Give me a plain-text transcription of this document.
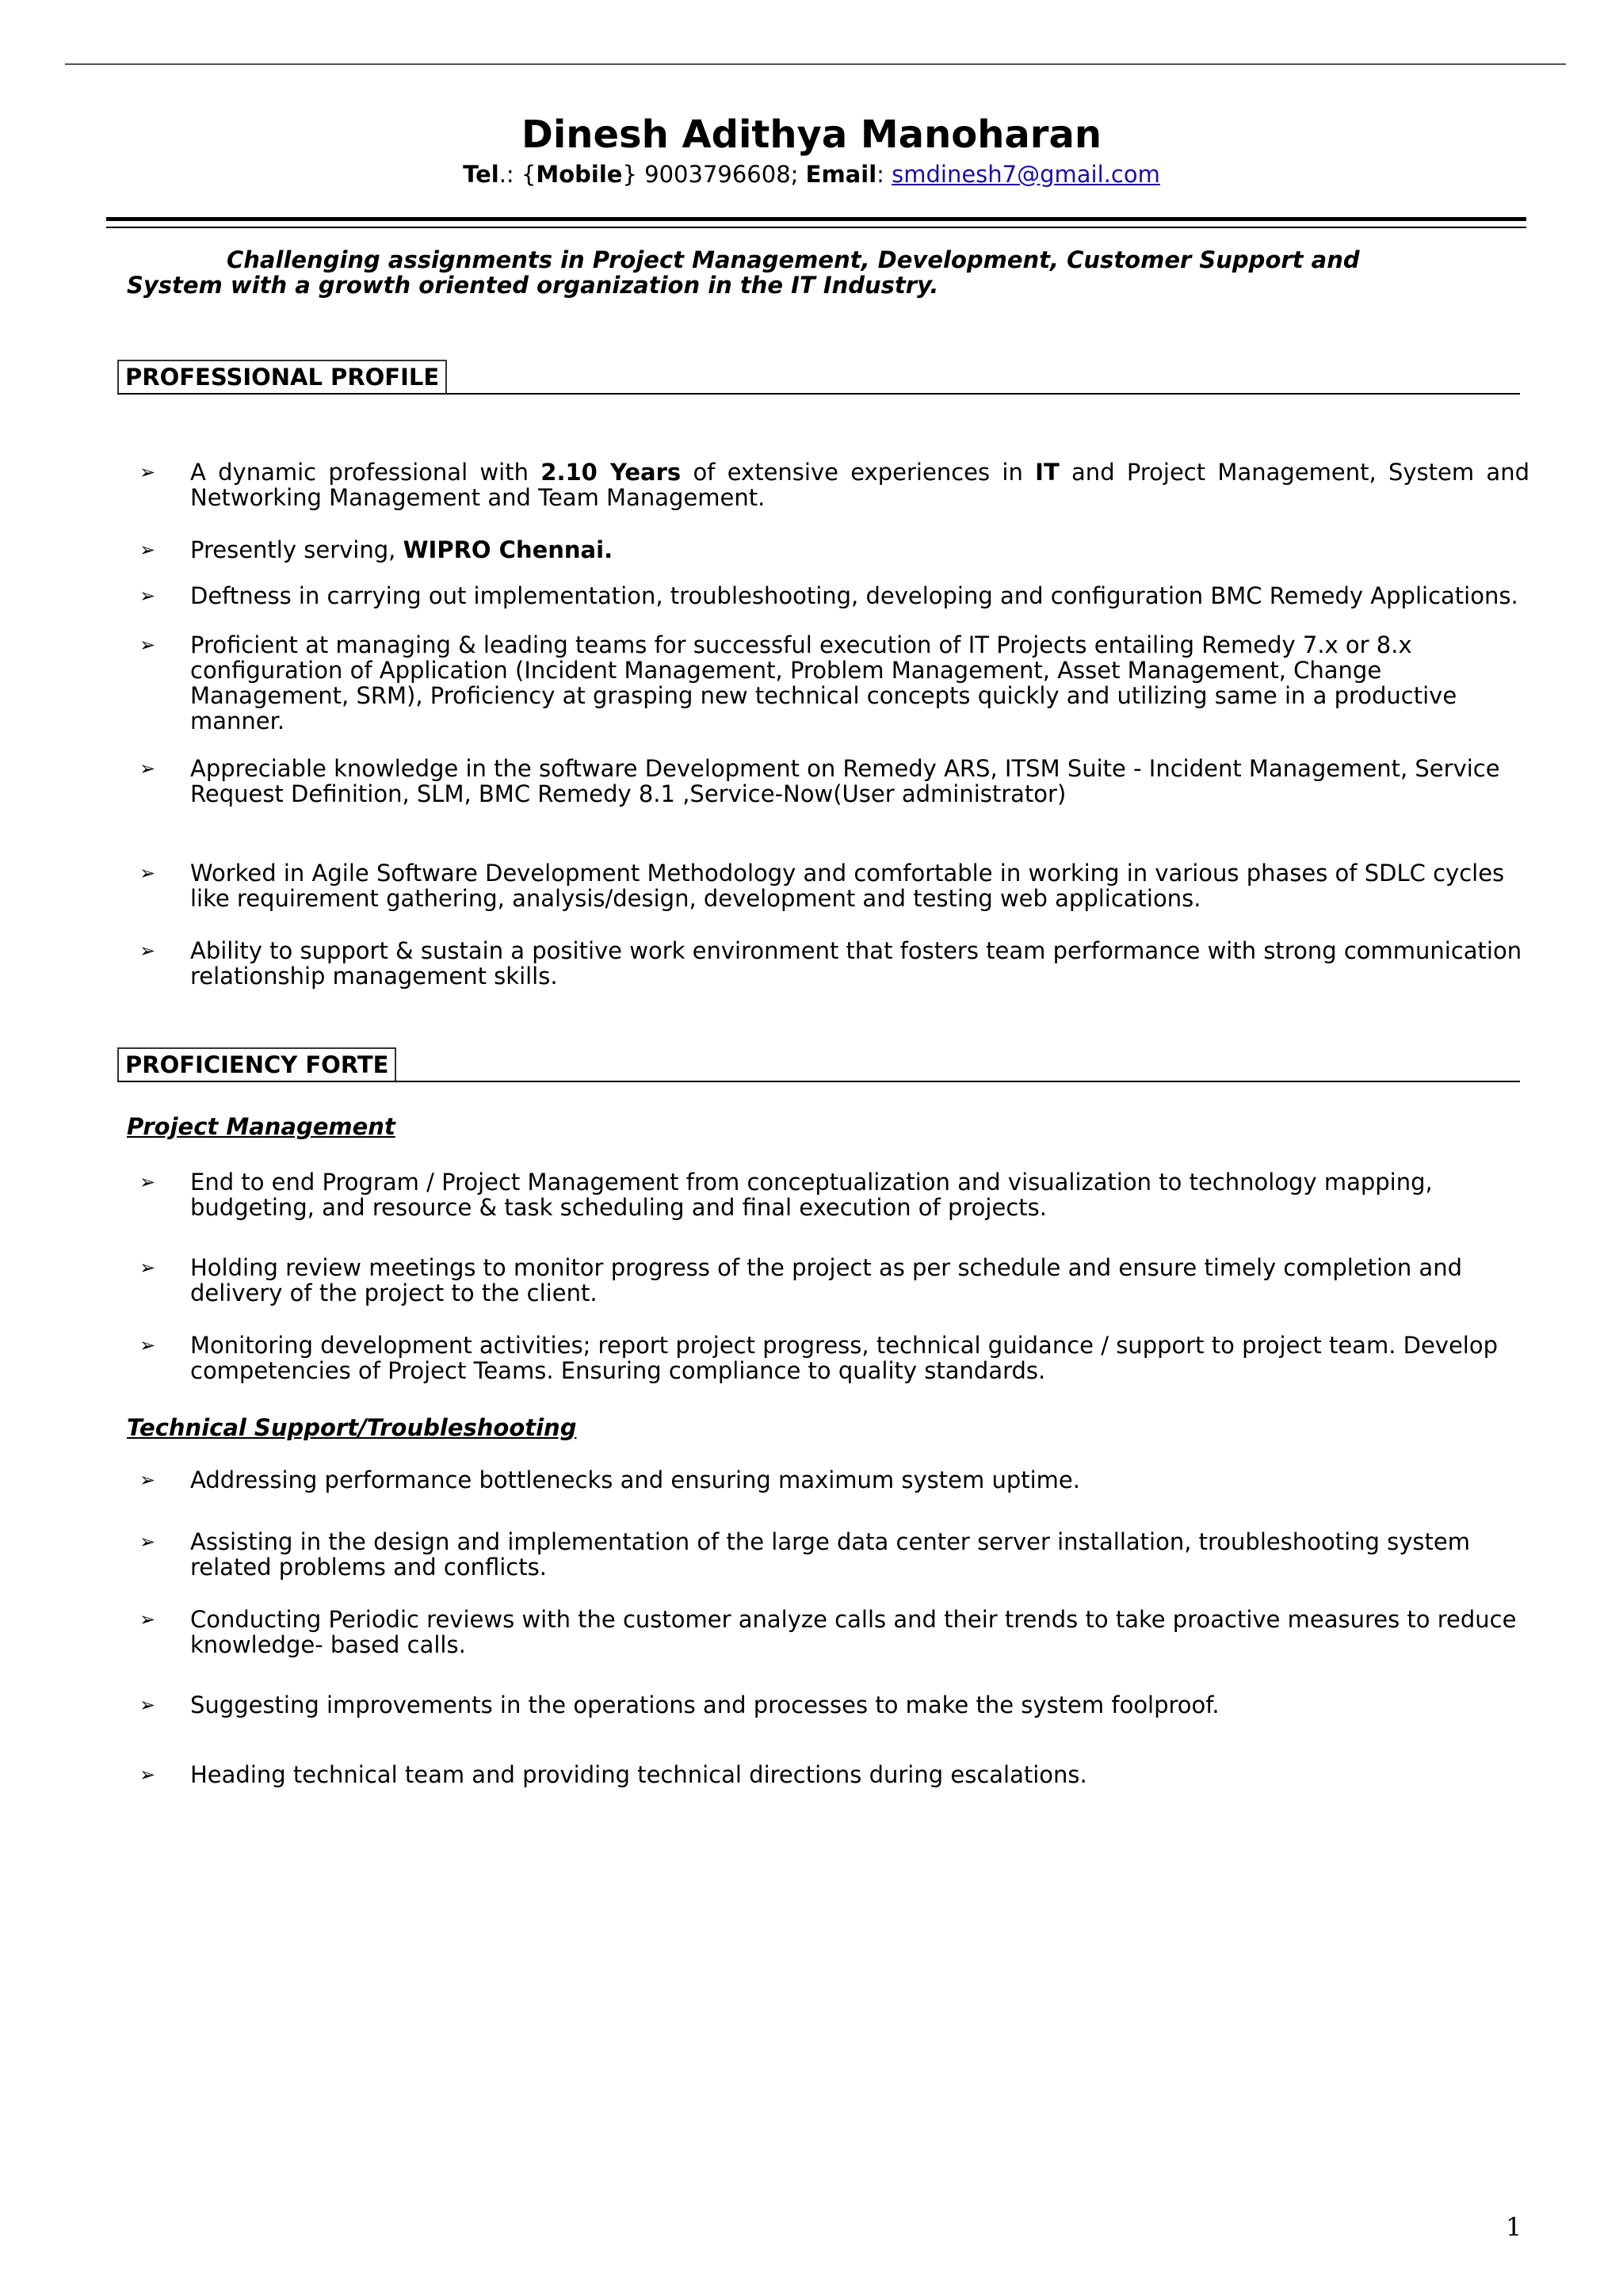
Dinesh Adithya Manoharan
Tel.: {Mobile} 9003796608; Email: smdinesh7@gmail.com
Challenging assignments in Project Management, Development, Customer Support and
System with a growth oriented organization in the IT Industry.
PROFESSIONAL PROFILE
➢ A dynamic professional with 2.10 Years of extensive experiences in IT and Project Management, System and Networking Management and Team Management.
➢ Presently serving, WIPRO Chennai.
➢ Deftness in carrying out implementation, troubleshooting, developing and configuration BMC Remedy Applications.
➢ Proficient at managing & leading teams for successful execution of IT Projects entailing Remedy 7.x or 8.x configuration of Application (Incident Management, Problem Management, Asset Management, Change Management, SRM), Proficiency at grasping new technical concepts quickly and utilizing same in a productive manner.
➢ Appreciable knowledge in the software Development on Remedy ARS, ITSM Suite - Incident Management, Service Request Definition, SLM, BMC Remedy 8.1 ,Service-Now(User administrator)
➢ Worked in Agile Software Development Methodology and comfortable in working in various phases of SDLC cycles like requirement gathering, analysis/design, development and testing web applications.
➢ Ability to support & sustain a positive work environment that fosters team performance with strong communication relationship management skills.
PROFICIENCY FORTE
Project Management
➢ End to end Program / Project Management from conceptualization and visualization to technology mapping, budgeting, and resource & task scheduling and final execution of projects.
➢ Holding review meetings to monitor progress of the project as per schedule and ensure timely completion and delivery of the project to the client.
➢ Monitoring development activities; report project progress, technical guidance / support to project team. Develop competencies of Project Teams. Ensuring compliance to quality standards.
Technical Support/Troubleshooting
➢ Addressing performance bottlenecks and ensuring maximum system uptime.
➢ Assisting in the design and implementation of the large data center server installation, troubleshooting system related problems and conflicts.
➢ Conducting Periodic reviews with the customer analyze calls and their trends to take proactive measures to reduce knowledge- based calls.
➢ Suggesting improvements in the operations and processes to make the system foolproof.
➢ Heading technical team and providing technical directions during escalations.
1
